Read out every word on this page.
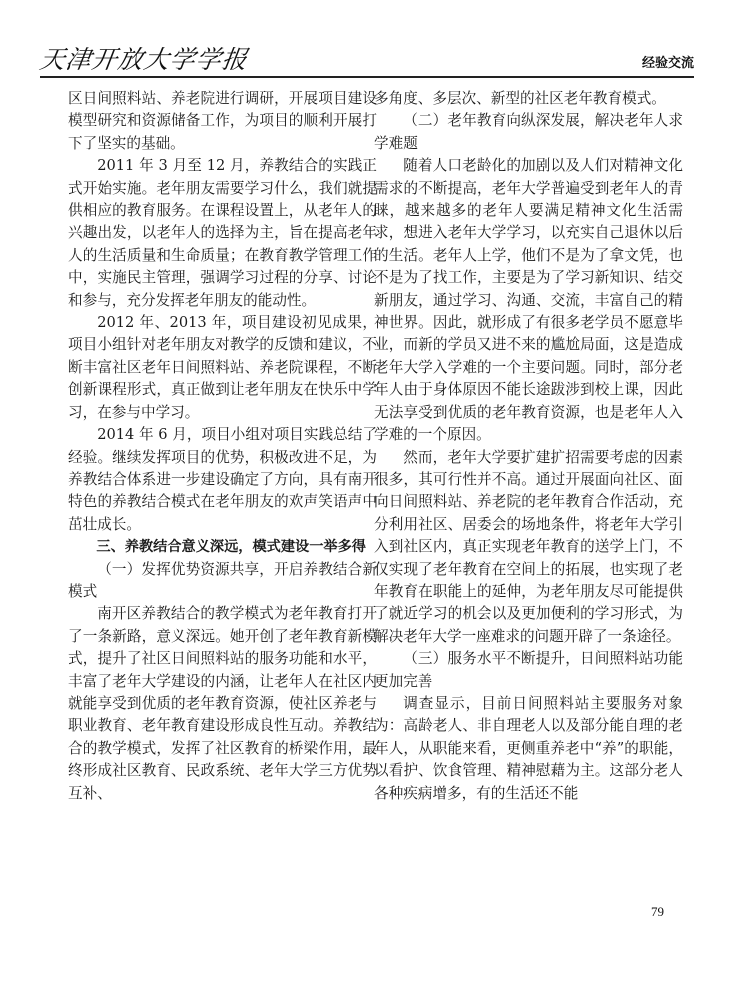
天津开放大学学报	经验交流

区日间照料站、养老院进行调研，开展项目建设模型研究和资源储备工作，为项目的顺利开展打下了坚实的基础。

2011 年 3 月至 12 月，养教结合的实践正式开始实施。老年朋友需要学习什么，我们就提供相应的教育服务。在课程设置上，从老年人的兴趣出发，以老年人的选择为主，旨在提高老年人的生活质量和生命质量；在教育教学管理工作中，实施民主管理，强调学习过程的分享、讨论和参与，充分发挥老年朋友的能动性。

2012 年、2013 年，项目建设初见成果，项目小组针对老年朋友对教学的反馈和建议，不断丰富社区老年日间照料站、养老院课程，不断创新课程形式，真正做到让老年朋友在快乐中学习，在参与中学习。

2014 年 6 月，项目小组对项目实践总结了经验。继续发挥项目的优势，积极改进不足，为养教结合体系进一步建设确定了方向，具有南开特色的养教结合模式在老年朋友的欢声笑语声中茁壮成长。

三、养教结合意义深远，模式建设一举多得

（一）发挥优势资源共享，开启养教结合新模式

南开区养教结合的教学模式为老年教育打开了一条新路，意义深远。她开创了老年教育新模式，提升了社区日间照料站的服务功能和水平，丰富了老年大学建设的内涵，让老年人在社区内就能享受到优质的老年教育资源，使社区养老与职业教育、老年教育建设形成良性互动。养教结合的教学模式，发挥了社区教育的桥梁作用，最终形成社区教育、民政系统、老年大学三方优势互补、

多角度、多层次、新型的社区老年教育模式。

（二）老年教育向纵深发展，解决老年人求学难题

随着人口老龄化的加剧以及人们对精神文化需求的不断提高，老年大学普遍受到老年人的青睐，越来越多的老年人要满足精神文化生活需求，想进入老年大学学习，以充实自己退休以后的生活。老年人上学，他们不是为了拿文凭，也不是为了找工作，主要是为了学习新知识、结交新朋友，通过学习、沟通、交流，丰富自己的精神世界。因此，就形成了有很多老学员不愿意毕业，而新的学员又进不来的尴尬局面，这是造成老年大学入学难的一个主要问题。同时，部分老年人由于身体原因不能长途跋涉到校上课，因此无法享受到优质的老年教育资源，也是老年人入学难的一个原因。

然而，老年大学要扩建扩招需要考虑的因素很多，其可行性并不高。通过开展面向社区、面向日间照料站、养老院的老年教育合作活动，充分利用社区、居委会的场地条件，将老年大学引入到社区内，真正实现老年教育的送学上门，不仅实现了老年教育在空间上的拓展，也实现了老年教育在职能上的延伸，为老年朋友尽可能提供了就近学习的机会以及更加便利的学习形式，为解决老年大学一座难求的问题开辟了一条途径。

（三）服务水平不断提升，日间照料站功能更加完善

调查显示，目前日间照料站主要服务对象为：高龄老人、非自理老人以及部分能自理的老年人，从职能来看，更侧重养老中“养”的职能，以看护、饮食管理、精神慰藉为主。这部分老人各种疾病增多，有的生活还不能

79
